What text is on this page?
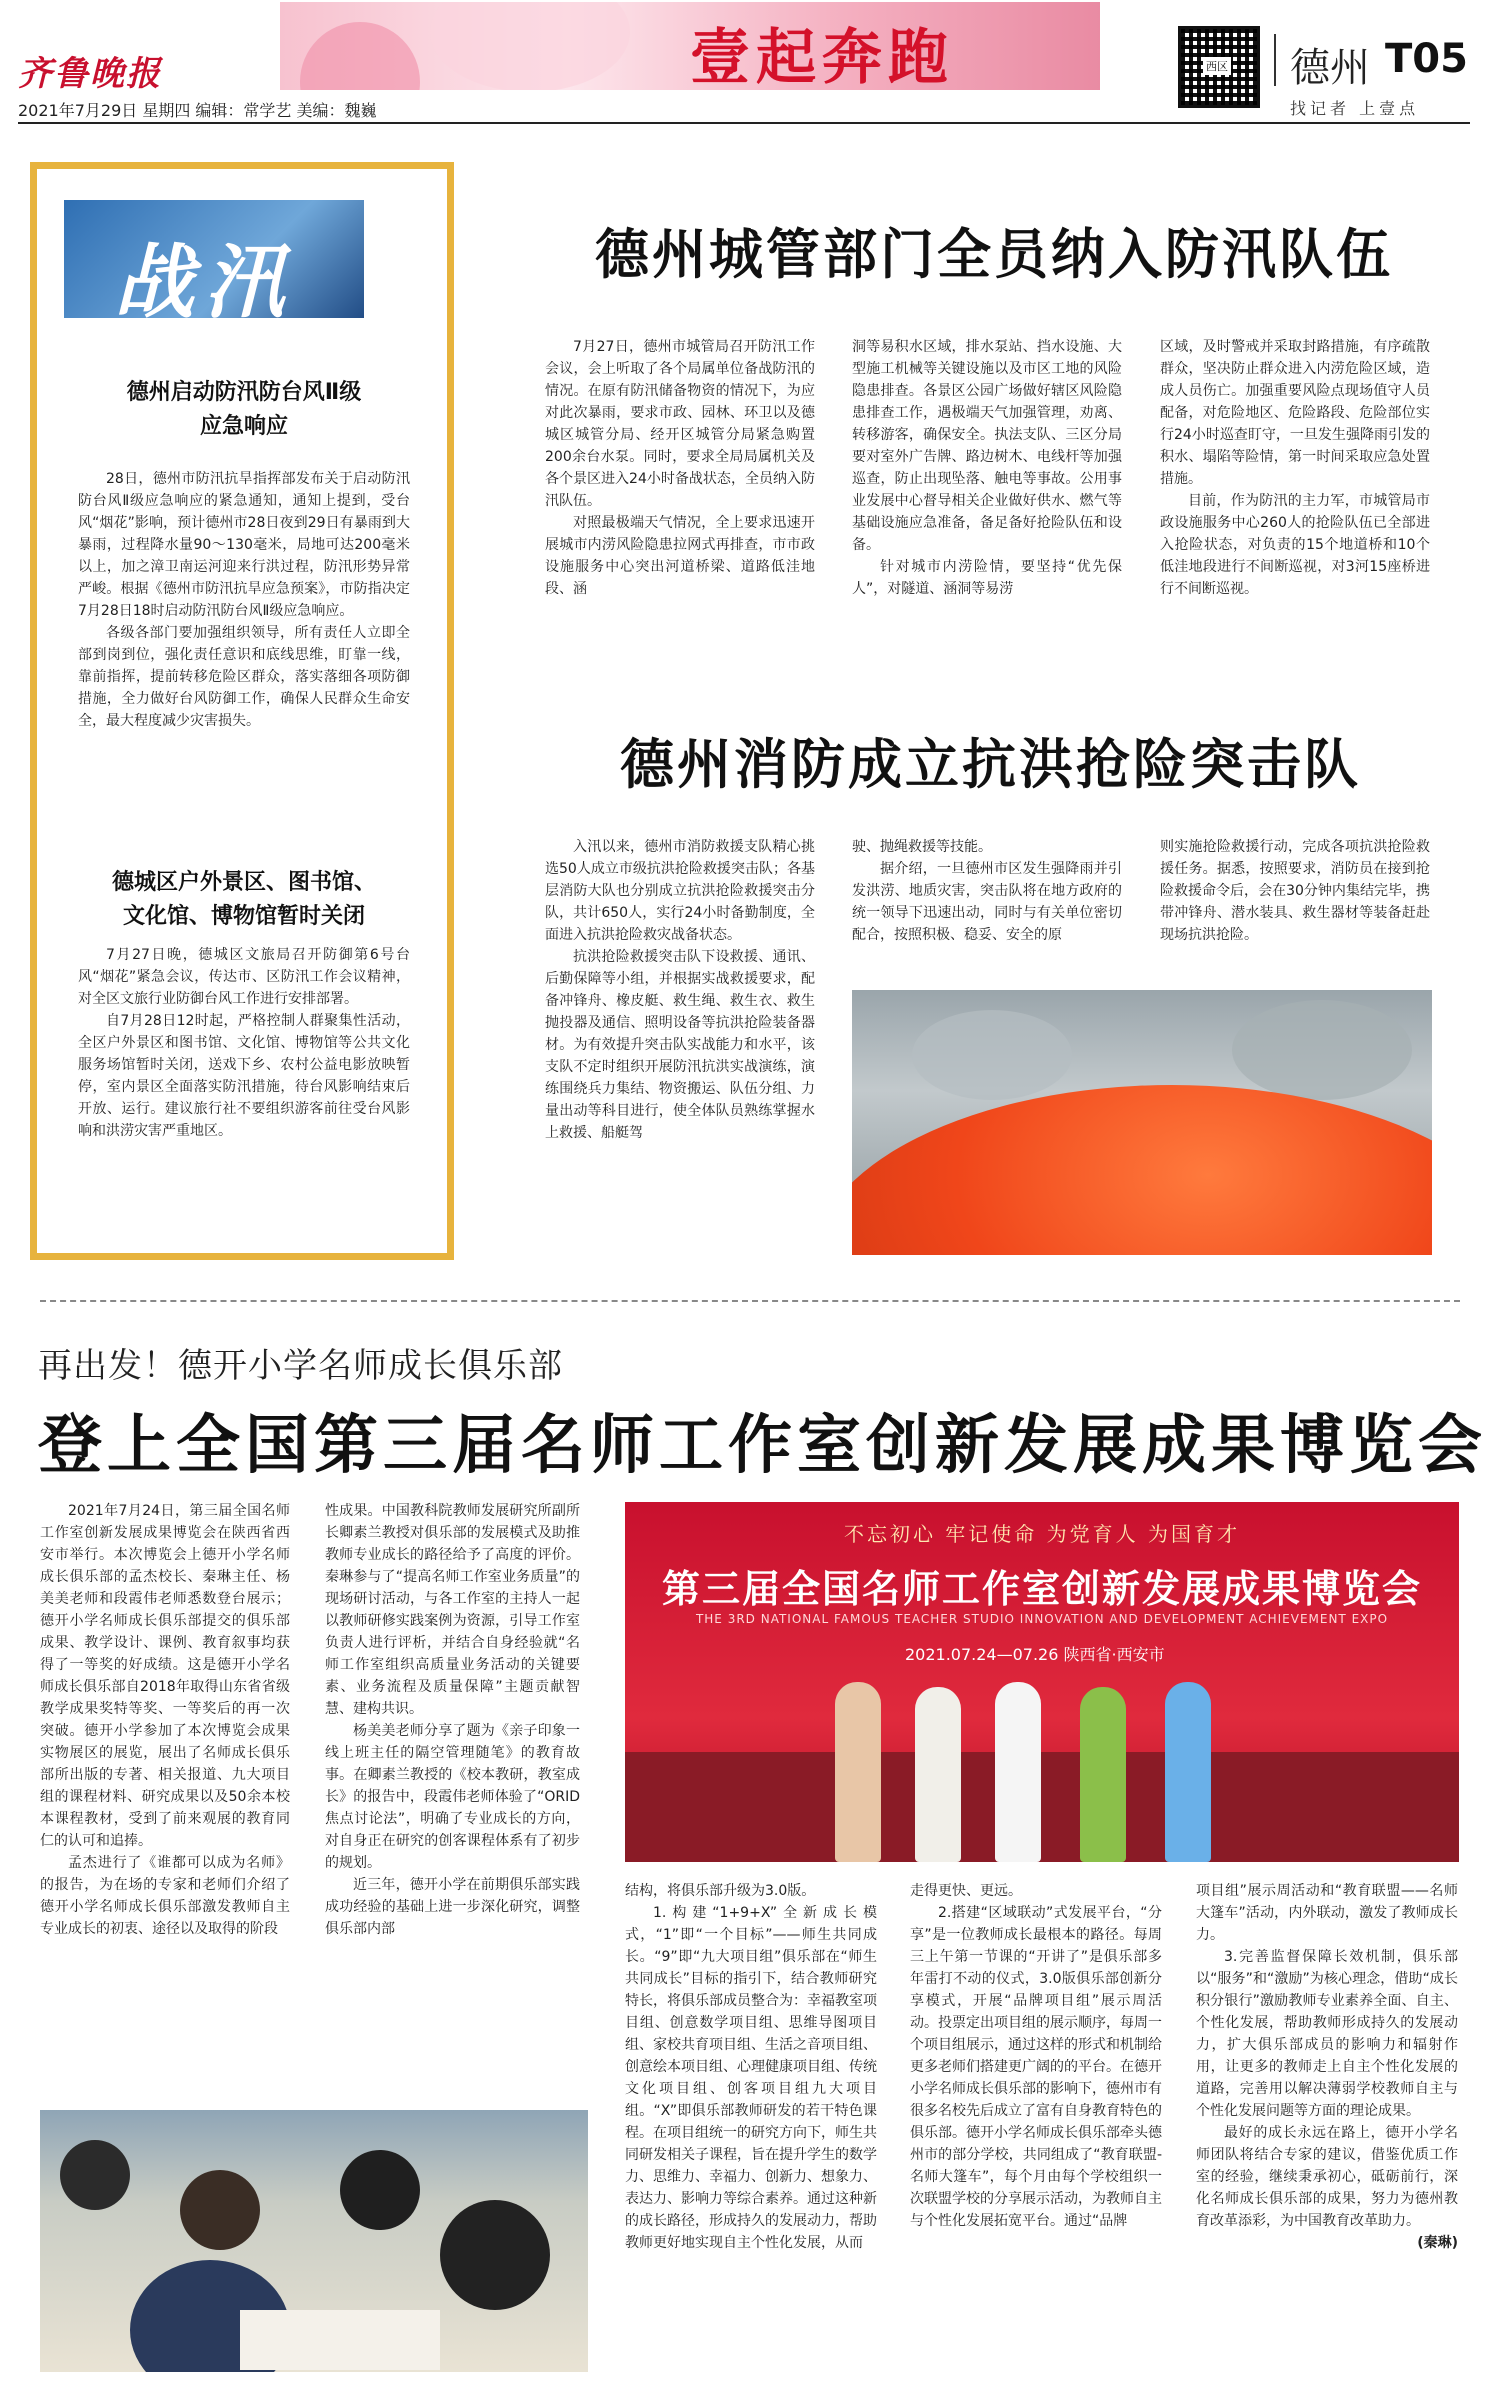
齐鲁晚报	壹起奔跑	西区 德州 T05
找记者 上壹点
2021年7月29日 星期四 编辑：常学艺 美编：魏巍
战汛
德州启动防汛防台风Ⅱ级
应急响应

28日，德州市防汛抗旱指挥部发布关于启动防汛防台风Ⅱ级应急响应的紧急通知，通知上提到，受台风“烟花”影响，预计德州市28日夜到29日有暴雨到大暴雨，过程降水量90～130毫米，局地可达200毫米以上，加之漳卫南运河迎来行洪过程，防汛形势异常严峻。根据《德州市防汛抗旱应急预案》，市防指决定7月28日18时启动防汛防台风Ⅱ级应急响应。

各级各部门要加强组织领导，所有责任人立即全部到岗到位，强化责任意识和底线思维，盯靠一线，靠前指挥，提前转移危险区群众，落实落细各项防御措施，全力做好台风防御工作，确保人民群众生命安全，最大程度减少灾害损失。

德城区户外景区、图书馆、
文化馆、博物馆暂时关闭

7月27日晚，德城区文旅局召开防御第6号台风“烟花”紧急会议，传达市、区防汛工作会议精神，对全区文旅行业防御台风工作进行安排部署。

自7月28日12时起，严格控制人群聚集性活动，全区户外景区和图书馆、文化馆、博物馆等公共文化服务场馆暂时关闭，送戏下乡、农村公益电影放映暂停，室内景区全面落实防汛措施，待台风影响结束后开放、运行。建议旅行社不要组织游客前往受台风影响和洪涝灾害严重地区。

德州城管部门全员纳入防汛队伍

7月27日，德州市城管局召开防汛工作会议，会上听取了各个局属单位备战防汛的情况。在原有防汛储备物资的情况下，为应对此次暴雨，要求市政、园林、环卫以及德城区城管分局、经开区城管分局紧急购置200余台水泵。同时，要求全局局属机关及各个景区进入24小时备战状态，全员纳入防汛队伍。

对照最极端天气情况，全上要求迅速开展城市内涝风险隐患拉网式再排查，市市政设施服务中心突出河道桥梁、道路低洼地段、涵

洞等易积水区域，排水泵站、挡水设施、大型施工机械等关键设施以及市区工地的风险隐患排查。各景区公园广场做好辖区风险隐患排查工作，遇极端天气加强管理，劝离、转移游客，确保安全。执法支队、三区分局要对室外广告牌、路边树木、电线杆等加强巡查，防止出现坠落、触电等事故。公用事业发展中心督导相关企业做好供水、燃气等基础设施应急准备，备足备好抢险队伍和设备。

针对城市内涝险情，要坚持“优先保人”，对隧道、涵洞等易涝

区域，及时警戒并采取封路措施，有序疏散群众，坚决防止群众进入内涝危险区域，造成人员伤亡。加强重要风险点现场值守人员配备，对危险地区、危险路段、危险部位实行24小时巡查盯守，一旦发生强降雨引发的积水、塌陷等险情，第一时间采取应急处置措施。

目前，作为防汛的主力军，市城管局市政设施服务中心260人的抢险队伍已全部进入抢险状态，对负责的15个地道桥和10个低洼地段进行不间断巡视，对3河15座桥进行不间断巡视。

德州消防成立抗洪抢险突击队

入汛以来，德州市消防救援支队精心挑选50人成立市级抗洪抢险救援突击队；各基层消防大队也分别成立抗洪抢险救援突击分队，共计650人，实行24小时备勤制度，全面进入抗洪抢险救灾战备状态。

抗洪抢险救援突击队下设救援、通讯、后勤保障等小组，并根据实战救援要求，配备冲锋舟、橡皮艇、救生绳、救生衣、救生抛投器及通信、照明设备等抗洪抢险装备器材。为有效提升突击队实战能力和水平，该支队不定时组织开展防汛抗洪实战演练，演练围绕兵力集结、物资搬运、队伍分组、力量出动等科目进行，使全体队员熟练掌握水上救援、船艇驾

驶、抛绳救援等技能。

据介绍，一旦德州市区发生强降雨并引发洪涝、地质灾害，突击队将在地方政府的统一领导下迅速出动，同时与有关单位密切配合，按照积极、稳妥、安全的原

则实施抢险救援行动，完成各项抗洪抢险救援任务。据悉，按照要求，消防员在接到抢险救援命令后，会在30分钟内集结完毕，携带冲锋舟、潜水装具、救生器材等装备赶赴现场抗洪抢险。

再出发！德开小学名师成长俱乐部
登上全国第三届名师工作室创新发展成果博览会

2021年7月24日，第三届全国名师工作室创新发展成果博览会在陕西省西安市举行。本次博览会上德开小学名师成长俱乐部的孟杰校长、秦琳主任、杨美美老师和段霞伟老师悉数登台展示；德开小学名师成长俱乐部提交的俱乐部成果、教学设计、课例、教育叙事均获得了一等奖的好成绩。这是德开小学名师成长俱乐部自2018年取得山东省省级教学成果奖特等奖、一等奖后的再一次突破。德开小学参加了本次博览会成果实物展区的展览，展出了名师成长俱乐部所出版的专著、相关报道、九大项目组的课程材料、研究成果以及50余本校本课程教材，受到了前来观展的教育同仁的认可和追捧。

孟杰进行了《谁都可以成为名师》的报告，为在场的专家和老师们介绍了德开小学名师成长俱乐部激发教师自主专业成长的初衷、途径以及取得的阶段

性成果。中国教科院教师发展研究所副所长卿素兰教授对俱乐部的发展模式及助推教师专业成长的路径给予了高度的评价。秦琳参与了“提高名师工作室业务质量”的现场研讨活动，与各工作室的主持人一起以教师研修实践案例为资源，引导工作室负责人进行评析，并结合自身经验就“名师工作室组织高质量业务活动的关键要素、业务流程及质量保障”主题贡献智慧、建构共识。

杨美美老师分享了题为《亲子印象一线上班主任的隔空管理随笔》的教育故事。在卿素兰教授的《校本教研，教室成长》的报告中，段霞伟老师体验了“ORID焦点讨论法”，明确了专业成长的方向，对自身正在研究的创客课程体系有了初步的规划。

近三年，德开小学在前期俱乐部实践成功经验的基础上进一步深化研究，调整俱乐部内部

不忘初心 牢记使命 为党育人 为国育才
第三届全国名师工作室创新发展成果博览会
THE 3RD NATIONAL FAMOUS TEACHER STUDIO INNOVATION AND DEVELOPMENT ACHIEVEMENT EXPO
2021.07.24—07.26 陕西省·西安市

结构，将俱乐部升级为3.0版。

1.构建“1+9+X”全新成长模式，“1”即“一个目标”——师生共同成长。“9”即“九大项目组”俱乐部在“师生共同成长”目标的指引下，结合教师研究特长，将俱乐部成员整合为：幸福教室项目组、创意数学项目组、思维导图项目组、家校共育项目组、生活之音项目组、创意绘本项目组、心理健康项目组、传统文化项目组、创客项目组九大项目组。“X”即俱乐部教师研发的若干特色课程。在项目组统一的研究方向下，师生共同研发相关子课程，旨在提升学生的数学力、思维力、幸福力、创新力、想象力、表达力、影响力等综合素养。通过这种新的成长路径，形成持久的发展动力，帮助教师更好地实现自主个性化发展，从而

走得更快、更远。

2.搭建“区域联动”式发展平台，“分享”是一位教师成长最根本的路径。每周三上午第一节课的“开讲了”是俱乐部多年雷打不动的仪式，3.0版俱乐部创新分享模式，开展“品牌项目组”展示周活动。投票定出项目组的展示顺序，每周一个项目组展示，通过这样的形式和机制给更多老师们搭建更广阔的的平台。在德开小学名师成长俱乐部的影响下，德州市有很多名校先后成立了富有自身教育特色的俱乐部。德开小学名师成长俱乐部牵头德州市的部分学校，共同组成了“教育联盟-名师大篷车”，每个月由每个学校组织一次联盟学校的分享展示活动，为教师自主与个性化发展拓宽平台。通过“品牌

项目组”展示周活动和“教育联盟——名师大篷车”活动，内外联动，激发了教师成长力。

3.完善监督保障长效机制，俱乐部以“服务”和“激励”为核心理念，借助“成长积分银行”激励教师专业素养全面、自主、个性化发展，帮助教师形成持久的发展动力，扩大俱乐部成员的影响力和辐射作用，让更多的教师走上自主个性化发展的道路，完善用以解决薄弱学校教师自主与个性化发展问题等方面的理论成果。

最好的成长永远在路上，德开小学名师团队将结合专家的建议，借鉴优质工作室的经验，继续秉承初心，砥砺前行，深化名师成长俱乐部的成果，努力为德州教育改革添彩，为中国教育改革助力。

(秦琳)
